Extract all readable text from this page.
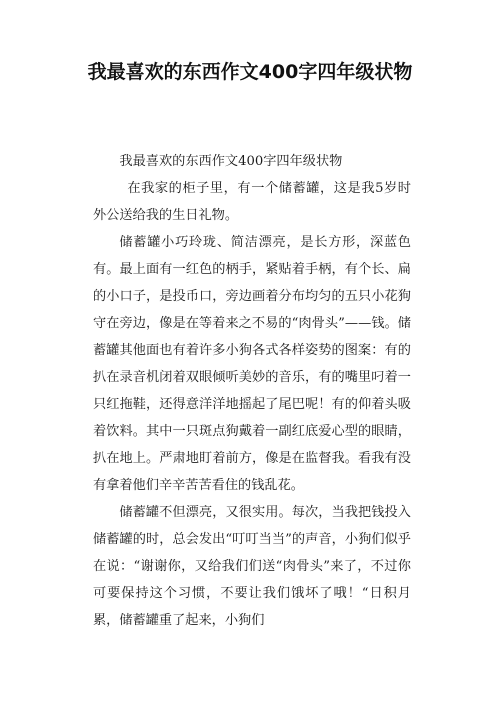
我最喜欢的东西作文400字四年级状物

我最喜欢的东西作文400字四年级状物

在我家的柜子里，有一个储蓄罐，这是我5岁时外公送给我的生日礼物。

储蓄罐小巧玲珑、简洁漂亮，是长方形，深蓝色有。最上面有一红色的柄手，紧贴着手柄，有个长、扁的小口子，是投币口，旁边画着分布均匀的五只小花狗守在旁边，像是在等着来之不易的“肉骨头”——钱。储蓄罐其他面也有着许多小狗各式各样姿势的图案：有的扒在录音机闭着双眼倾听美妙的音乐，有的嘴里叼着一只红拖鞋，还得意洋洋地摇起了尾巴呢！有的仰着头吸着饮料。其中一只斑点狗戴着一副红底爱心型的眼睛，扒在地上。严肃地盯着前方，像是在监督我。看我有没有拿着他们辛辛苦苦看住的钱乱花。

储蓄罐不但漂亮，又很实用。每次，当我把钱投入储蓄罐的时，总会发出“叮叮当当”的声音，小狗们似乎在说：“谢谢你，又给我们们送“肉骨头”来了，不过你可要保持这个习惯，不要让我们饿坏了哦！“日积月累，储蓄罐重了起来，小狗们
